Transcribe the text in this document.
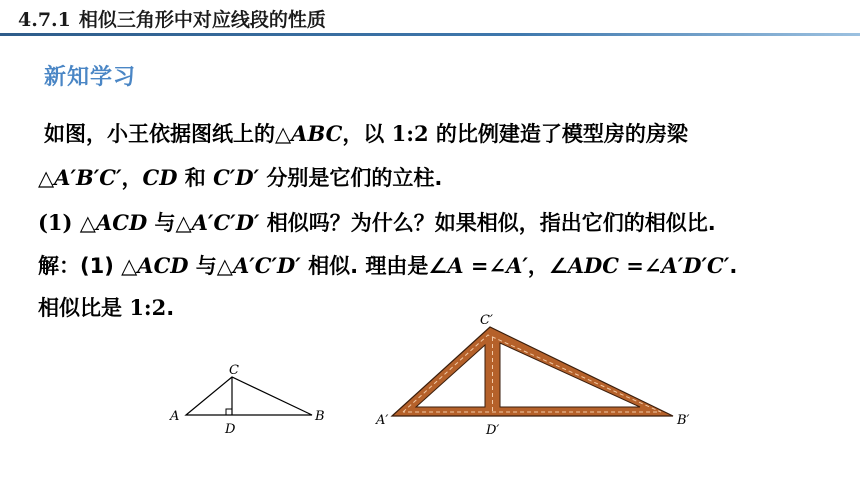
4.7.1 相似三角形中对应线段的性质
新知学习
如图，小王依据图纸上的△ABC，以 1:2 的比例建造了模型房的房梁
△A′B′C′，CD 和 C′D′ 分别是它们的立柱.
(1) △ACD 与△A′C′D′ 相似吗？为什么？如果相似，指出它们的相似比.
解：(1) △ACD 与△A′C′D′ 相似. 理由是∠A =∠A′，∠ADC =∠A′D′C′.
相似比是 1:2.
A
C
B
D
A′
C′
B′
D′
